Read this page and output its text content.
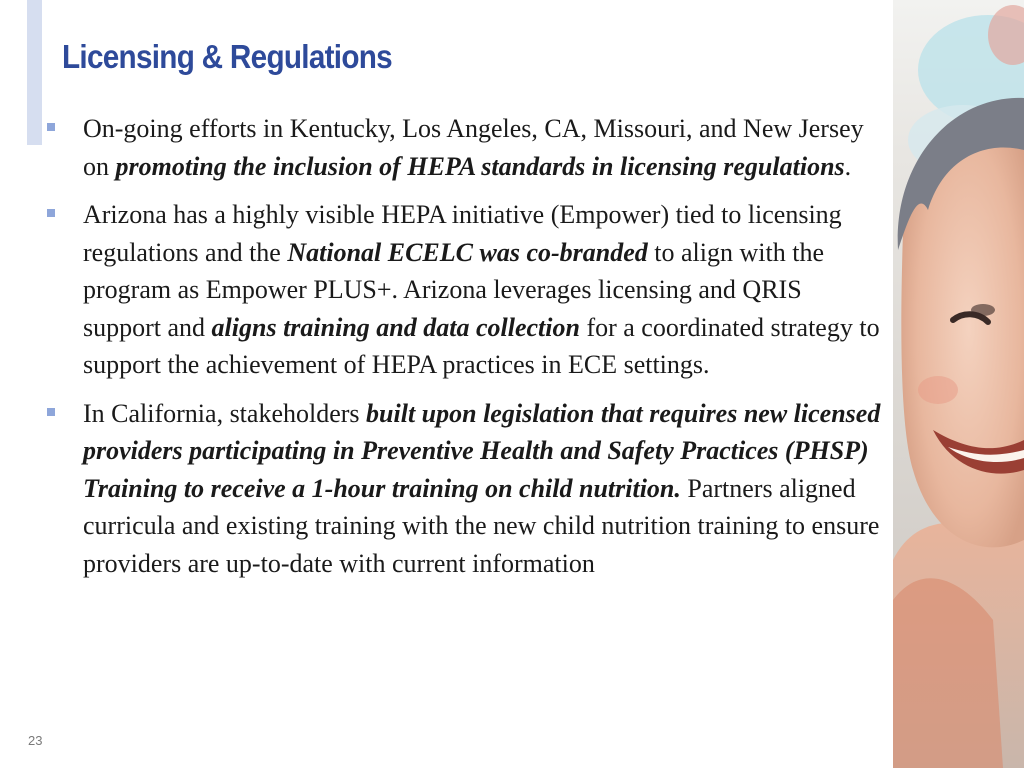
Licensing & Regulations
On-going efforts in Kentucky, Los Angeles, CA, Missouri, and New Jersey on promoting the inclusion of HEPA standards in licensing regulations.
Arizona has a highly visible HEPA initiative (Empower) tied to licensing regulations and the National ECELC was co-branded to align with the program as Empower PLUS+. Arizona leverages licensing and QRIS support and aligns training and data collection for a coordinated strategy to support the achievement of HEPA practices in ECE settings.
In California, stakeholders built upon legislation that requires new licensed providers participating in Preventive Health and Safety Practices (PHSP) Training to receive a 1-hour training on child nutrition. Partners aligned curricula and existing training with the new child nutrition training to ensure providers are up-to-date with current information
23
